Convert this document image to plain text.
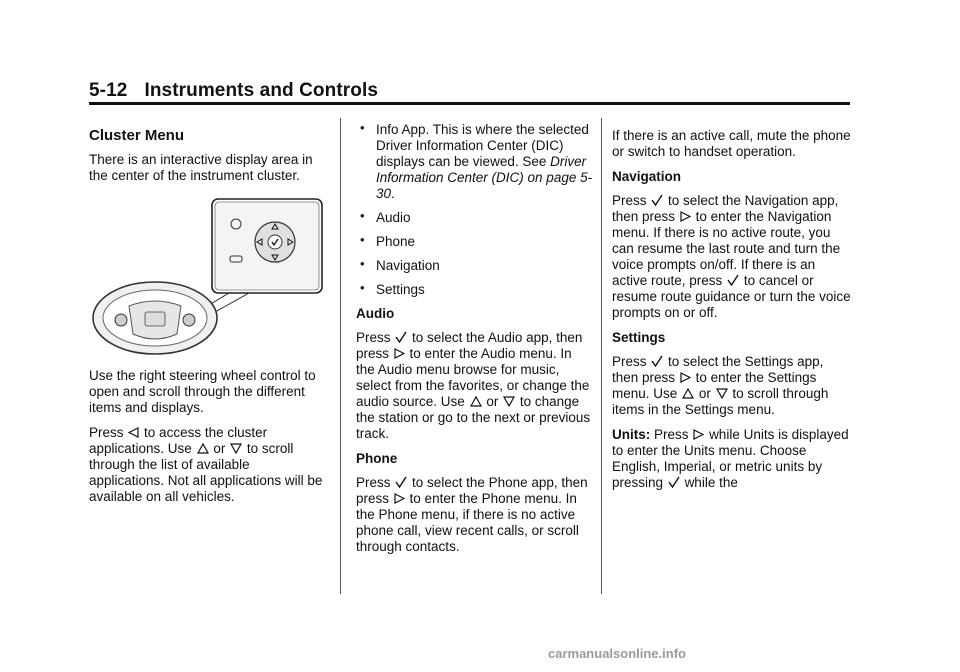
5-12 Instruments and Controls
Cluster Menu

There is an interactive display area in the center of the instrument cluster.

Use the right steering wheel control to open and scroll through the different items and displays.

Press to access the cluster applications. Use or to scroll through the list of available applications. Not all applications will be available on all vehicles.

• Info App. This is where the selected Driver Information Center (DIC) displays can be viewed. See Driver Information Center (DIC) on page 5-30.
• Audio
• Phone
• Navigation
• Settings
Audio

Press to select the Audio app, then press to enter the Audio menu. In the Audio menu browse for music, select from the favorites, or change the audio source. Use or to change the station or go to the next or previous track.

Phone

Press to select the Phone app, then press to enter the Phone menu. In the Phone menu, if there is no active phone call, view recent calls, or scroll through contacts.

If there is an active call, mute the phone or switch to handset operation.

Navigation

Press to select the Navigation app, then press to enter the Navigation menu. If there is no active route, you can resume the last route and turn the voice prompts on/off. If there is an active route, press to cancel or resume route guidance or turn the voice prompts on or off.

Settings

Press to select the Settings app, then press to enter the Settings menu. Use or to scroll through items in the Settings menu.

Units: Press while Units is displayed to enter the Units menu. Choose English, Imperial, or metric units by pressing while the

carmanualsonline.info
